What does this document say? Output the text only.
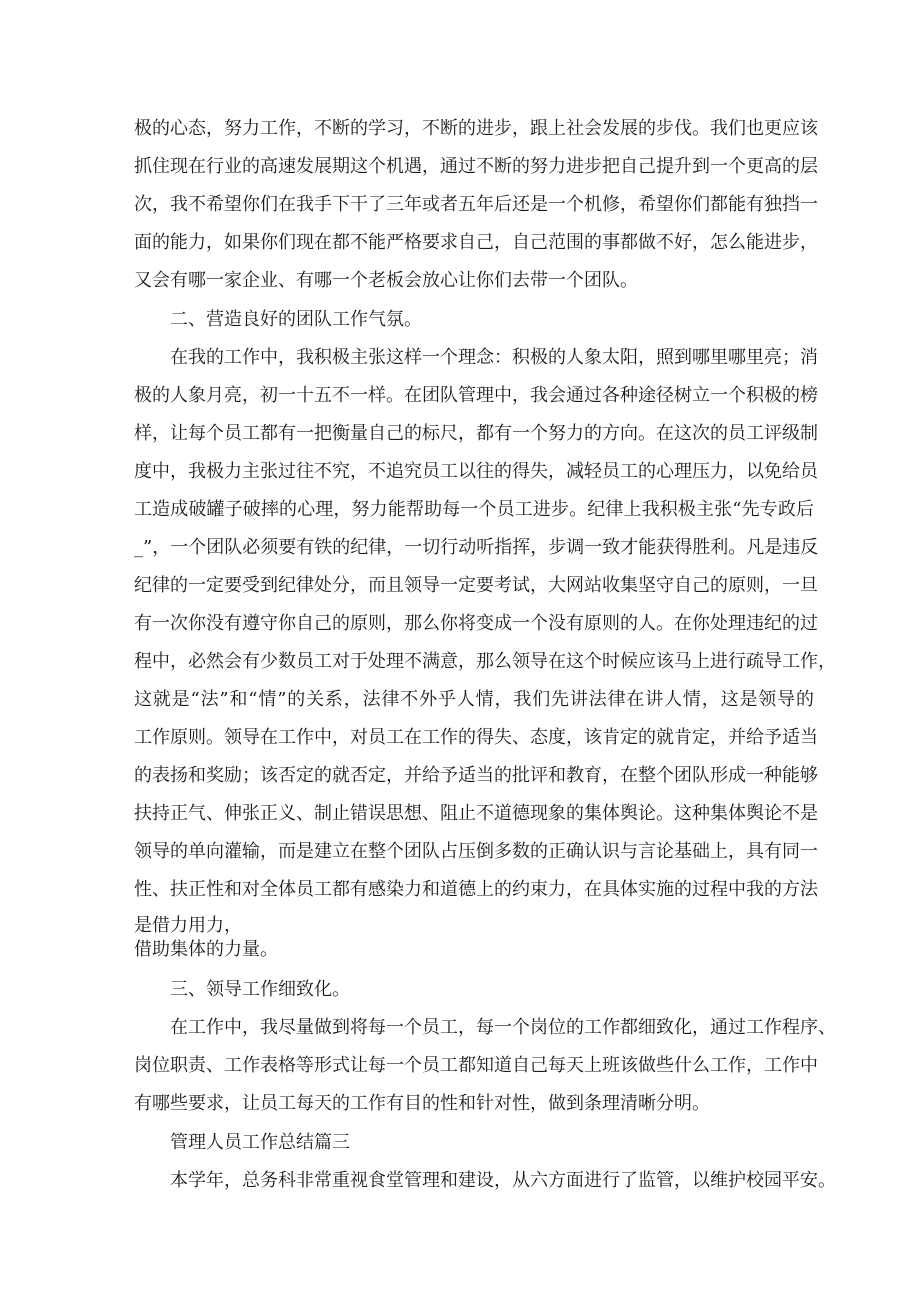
极的心态，努力工作，不断的学习，不断的进步，跟上社会发展的步伐。我们也更应该
抓住现在行业的高速发展期这个机遇，通过不断的努力进步把自己提升到一个更高的层
次，我不希望你们在我手下干了三年或者五年后还是一个机修，希望你们都能有独挡一
面的能力，如果你们现在都不能严格要求自己，自己范围的事都做不好，怎么能进步，
又会有哪一家企业、有哪一个老板会放心让你们去带一个团队。
　　二、营造良好的团队工作气氛。
　　在我的工作中，我积极主张这样一个理念：积极的人象太阳，照到哪里哪里亮；消
极的人象月亮，初一十五不一样。在团队管理中，我会通过各种途径树立一个积极的榜
样，让每个员工都有一把衡量自己的标尺，都有一个努力的方向。在这次的员工评级制
度中，我极力主张过往不究，不追究员工以往的得失，减轻员工的心理压力，以免给员
工造成破罐子破摔的心理，努力能帮助每一个员工进步。纪律上我积极主张“先专政后
_”，一个团队必须要有铁的纪律，一切行动听指挥，步调一致才能获得胜利。凡是违反
纪律的一定要受到纪律处分，而且领导一定要考试，大网站收集坚守自己的原则，一旦
有一次你没有遵守你自己的原则，那么你将变成一个没有原则的人。在你处理违纪的过
程中，必然会有少数员工对于处理不满意，那么领导在这个时候应该马上进行疏导工作，
这就是“法”和“情”的关系，法律不外乎人情，我们先讲法律在讲人情，这是领导的
工作原则。领导在工作中，对员工在工作的得失、态度，该肯定的就肯定，并给予适当
的表扬和奖励；该否定的就否定，并给予适当的批评和教育，在整个团队形成一种能够
扶持正气、伸张正义、制止错误思想、阻止不道德现象的集体舆论。这种集体舆论不是
领导的单向灌输，而是建立在整个团队占压倒多数的正确认识与言论基础上，具有同一
性、扶正性和对全体员工都有感染力和道德上的约束力，在具体实施的过程中我的方法
是借力用力，
借助集体的力量。
　　三、领导工作细致化。
　　在工作中，我尽量做到将每一个员工，每一个岗位的工作都细致化，通过工作程序、
岗位职责、工作表格等形式让每一个员工都知道自己每天上班该做些什么工作，工作中
有哪些要求，让员工每天的工作有目的性和针对性，做到条理清晰分明。
　　管理人员工作总结篇三
　　本学年，总务科非常重视食堂管理和建设，从六方面进行了监管，以维护校园平安。
